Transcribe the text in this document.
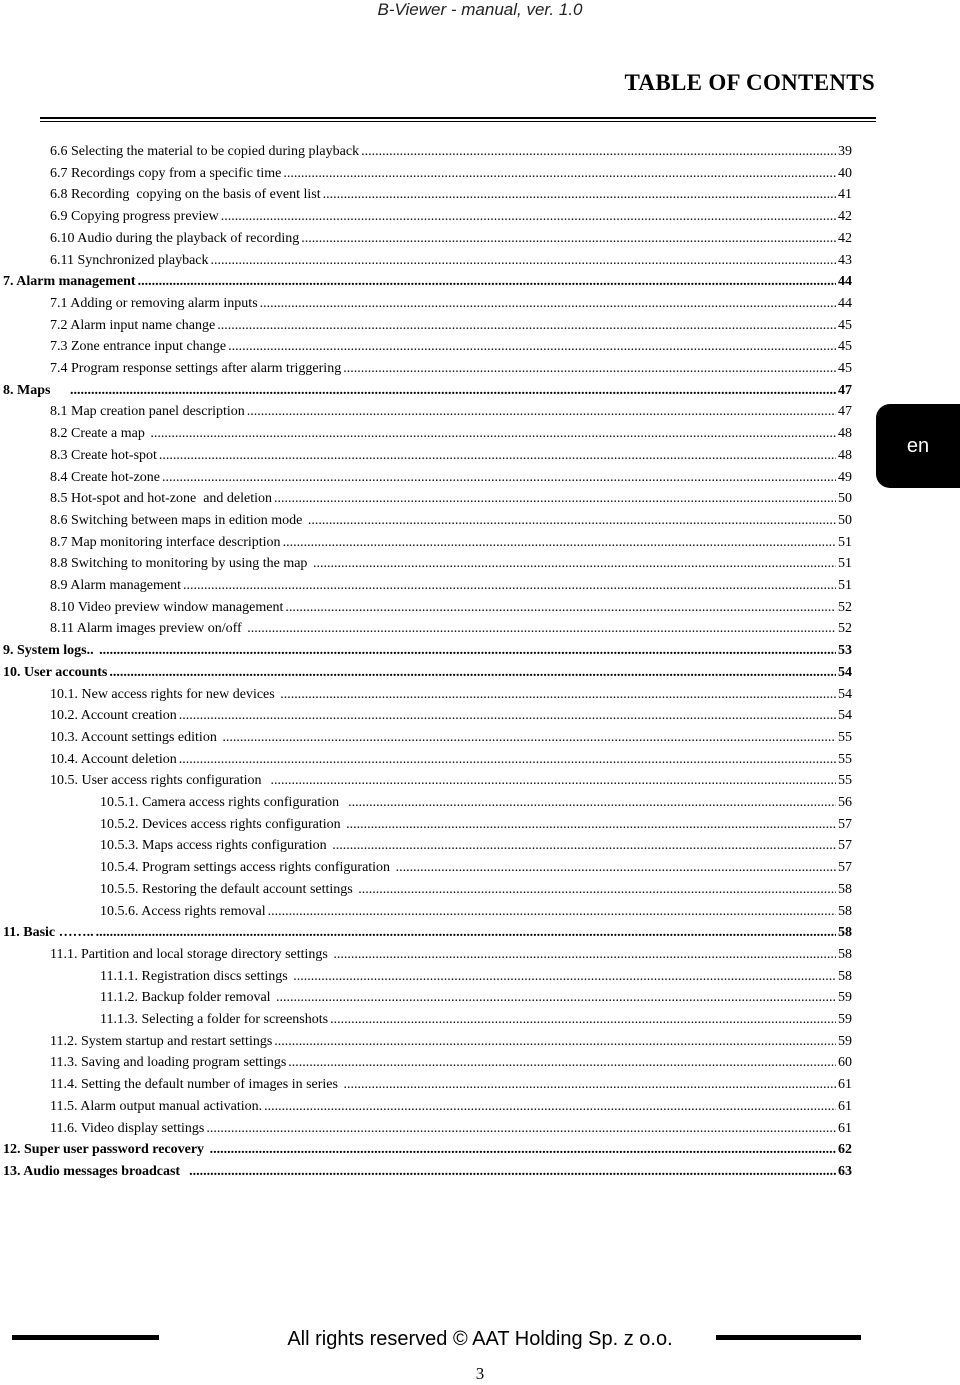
B-Viewer - manual, ver. 1.0
TABLE OF CONTENTS
6.6 Selecting the material to be copied during playback .....	39
6.7 Recordings copy from a specific time .....	40
6.8 Recording  copying on the basis of event list .....	41
6.9 Copying progress preview .....	42
6.10 Audio during the playback of recording .....	42
6.11 Synchronized playback .....	43
7. Alarm management .....	44
7.1 Adding or removing alarm inputs .....	44
7.2 Alarm input name change .....	45
7.3 Zone entrance input change .....	45
7.4 Program response settings after alarm triggering .....	45
8. Maps .....	47
8.1 Map creation panel description .....	47
8.2 Create a map .....	48
8.3 Create hot-spot .....	48
8.4 Create hot-zone .....	49
8.5 Hot-spot and hot-zone  and deletion .....	50
8.6 Switching between maps in edition mode .....	50
8.7 Map monitoring interface description .....	51
8.8 Switching to monitoring by using the map .....	51
8.9 Alarm management .....	51
8.10 Video preview window management .....	52
8.11 Alarm images preview on/off .....	52
9. System logs.. .....	53
10. User accounts .....	54
10.1. New access rights for new devices .....	54
10.2. Account creation .....	54
10.3. Account settings edition .....	55
10.4. Account deletion .....	55
10.5. User access rights configuration .....	55
10.5.1. Camera access rights configuration .....	56
10.5.2. Devices access rights configuration .....	57
10.5.3. Maps access rights configuration .....	57
10.5.4. Program settings access rights configuration .....	57
10.5.5. Restoring the default account settings .....	58
10.5.6. Access rights removal .....	58
11. Basic …….. .....	58
11.1. Partition and local storage directory settings .....	58
11.1.1. Registration discs settings .....	58
11.1.2. Backup folder removal .....	59
11.1.3. Selecting a folder for screenshots .....	59
11.2. System startup and restart settings .....	59
11.3. Saving and loading program settings .....	60
11.4. Setting the default number of images in series .....	61
11.5. Alarm output manual activation. .....	61
11.6. Video display settings .....	61
12. Super user password recovery .....	62
13. Audio messages broadcast .....	63
en
All rights reserved © AAT Holding Sp. z o.o.
3
